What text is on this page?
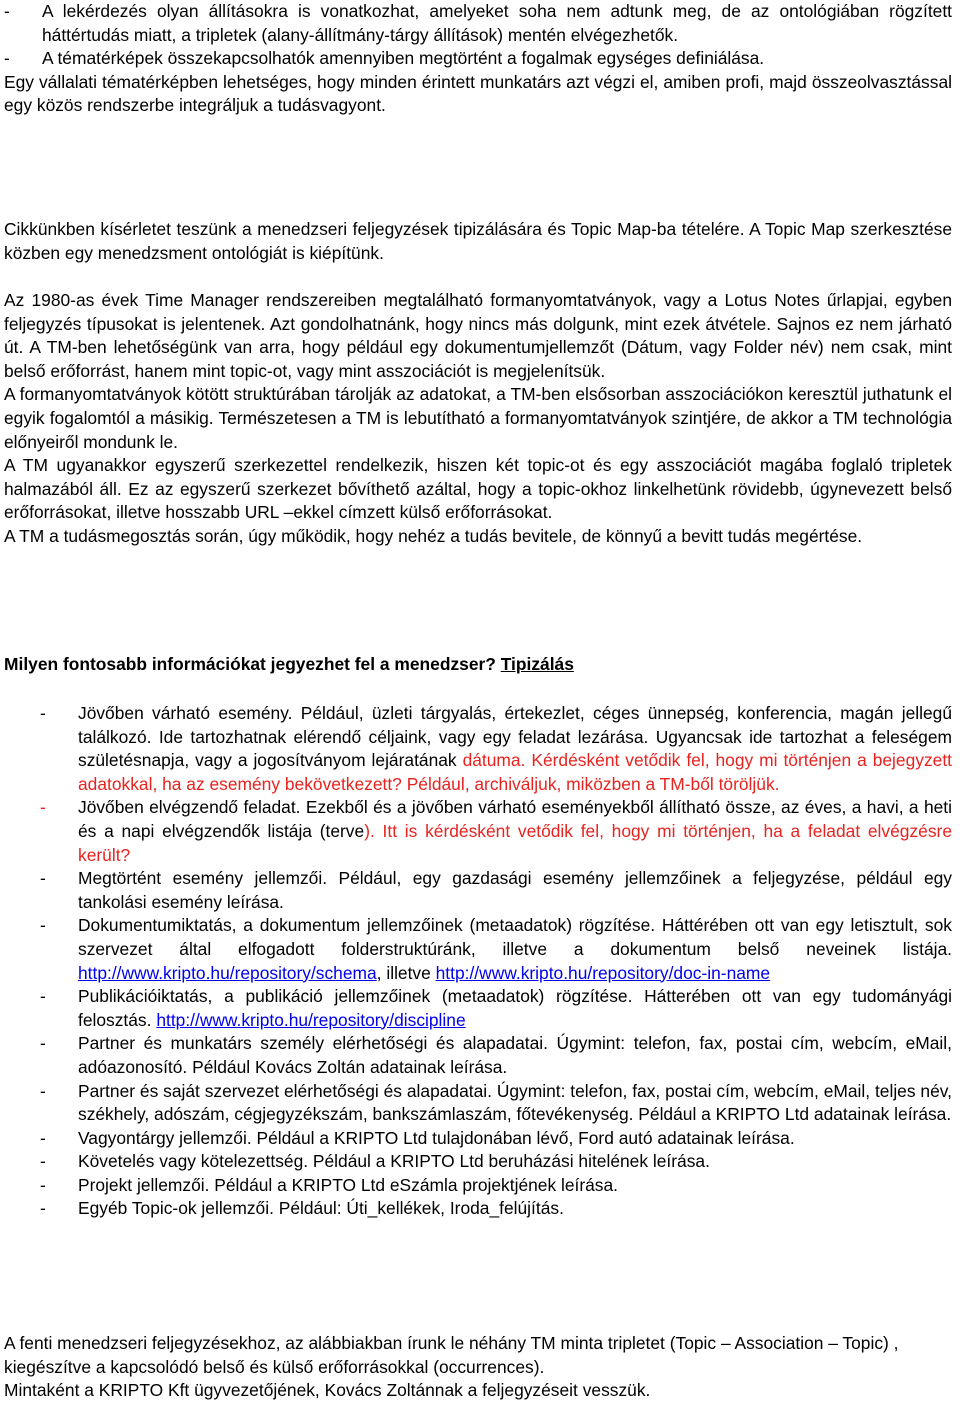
- A lekérdezés olyan állításokra is vonatkozhat, amelyeket soha nem adtunk meg, de az ontológiában rögzített háttértudás miatt, a tripletek (alany-állítmány-tárgy állítások) mentén elvégezhetők.

- A tématérképek összekapcsolhatók amennyiben megtörtént a fogalmak egységes definiálása.

Egy vállalati tématérképben lehetséges, hogy minden érintett munkatárs azt végzi el, amiben profi, majd összeolvasztással egy közös rendszerbe integráljuk a tudásvagyont.

Cikkünkben kísérletet teszünk a menedzseri feljegyzések tipizálására és Topic Map-ba tételére. A Topic Map szerkesztése közben egy menedzsment ontológiát is kiépítünk.

Az 1980-as évek Time Manager rendszereiben megtalálható formanyomtatványok, vagy a Lotus Notes űrlapjai, egyben feljegyzés típusokat is jelentenek. Azt gondolhatnánk, hogy nincs más dolgunk, mint ezek átvétele. Sajnos ez nem járható út. A TM-ben lehetőségünk van arra, hogy például egy dokumentumjellemzőt (Dátum, vagy Folder név) nem csak, mint belső erőforrást, hanem mint topic-ot, vagy mint asszociációt is megjelenítsük.

A formanyomtatványok kötött struktúrában tárolják az adatokat, a TM-ben elsősorban asszociációkon keresztül juthatunk el egyik fogalomtól a másikig. Természetesen a TM is lebutítható a formanyomtatványok szintjére, de akkor a TM technológia előnyeiről mondunk le.

A TM ugyanakkor egyszerű szerkezettel rendelkezik, hiszen két topic-ot és egy asszociációt magába foglaló tripletek halmazából áll. Ez az egyszerű szerkezet bővíthető azáltal, hogy a topic-okhoz linkelhetünk rövidebb, úgynevezett belső erőforrásokat, illetve hosszabb URL –ekkel címzett külső erőforrásokat.

A TM a tudásmegosztás során, úgy működik, hogy nehéz a tudás bevitele, de könnyű a bevitt tudás megértése.

Milyen fontosabb információkat jegyezhet fel a menedzser? Tipizálás

- Jövőben várható esemény. Például, üzleti tárgyalás, értekezlet, céges ünnepség, konferencia, magán jellegű találkozó. Ide tartozhatnak elérendő céljaink, vagy egy feladat lezárása. Ugyancsak ide tartozhat a feleségem születésnapja, vagy a jogosítványom lejáratának dátuma. Kérdésként vetődik fel, hogy mi történjen a bejegyzett adatokkal, ha az esemény bekövetkezett? Például, archiváljuk, miközben a TM-ből töröljük.

- Jövőben elvégzendő feladat. Ezekből és a jövőben várható eseményekből állítható össze, az éves, a havi, a heti és a napi elvégzendők listája (terve). Itt is kérdésként vetődik fel, hogy mi történjen, ha a feladat elvégzésre került?

- Megtörtént esemény jellemzői. Például, egy gazdasági esemény jellemzőinek a feljegyzése, például egy tankolási esemény leírása.

- Dokumentumiktatás, a dokumentum jellemzőinek (metaadatok) rögzítése. Háttérében ott van egy letisztult, sok szervezet által elfogadott folderstruktúránk, illetve a dokumentum belső neveinek listája. http://www.kripto.hu/repository/schema, illetve http://www.kripto.hu/repository/doc-in-name

- Publikációiktatás, a publikáció jellemzőinek (metaadatok) rögzítése. Hátterében ott van egy tudományági felosztás. http://www.kripto.hu/repository/discipline

- Partner és munkatárs személy elérhetőségi és alapadatai. Úgymint: telefon, fax, postai cím, webcím, eMail, adóazonosító. Például Kovács Zoltán adatainak leírása.

- Partner és saját szervezet elérhetőségi és alapadatai. Úgymint: telefon, fax, postai cím, webcím, eMail, teljes név, székhely, adószám, cégjegyzékszám, bankszámlaszám, főtevékenység. Például a KRIPTO Ltd adatainak leírása.

- Vagyontárgy jellemzői. Például a KRIPTO Ltd tulajdonában lévő, Ford autó adatainak leírása.

- Követelés vagy kötelezettség. Például a KRIPTO Ltd beruházási hitelének leírása.

- Projekt jellemzői. Például a KRIPTO Ltd eSzámla projektjének leírása.

- Egyéb Topic-ok jellemzői. Például: Úti_kellékek, Iroda_felújítás.

A fenti menedzseri feljegyzésekhoz, az alábbiakban írunk le néhány TM minta tripletet (Topic – Association – Topic) , kiegészítve a kapcsolódó belső és külső erőforrásokkal (occurrences).

Mintaként a KRIPTO Kft ügyvezetőjének, Kovács Zoltánnak a feljegyzéseit vesszük.
